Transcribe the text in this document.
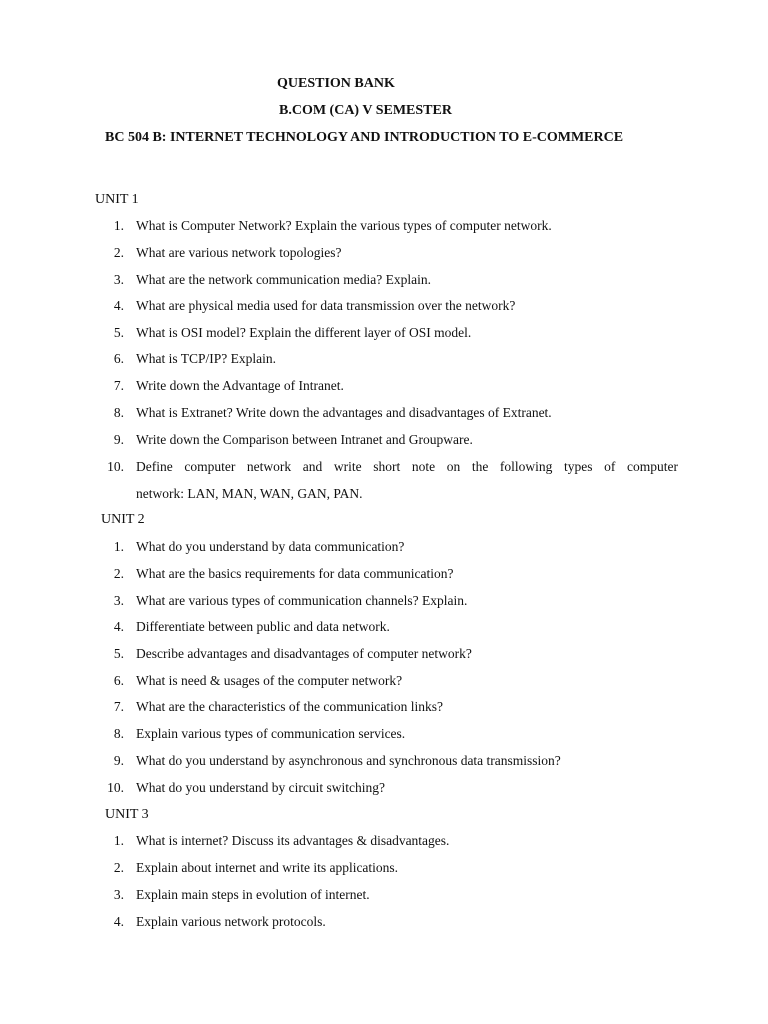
QUESTION BANK
B.COM (CA) V SEMESTER
BC 504 B: INTERNET TECHNOLOGY AND INTRODUCTION TO E-COMMERCE
UNIT 1
1. What is Computer Network? Explain the various types of computer network.
2. What are various network topologies?
3. What are the network communication media? Explain.
4. What are physical media used for data transmission over the network?
5. What is OSI model? Explain the different layer of OSI model.
6. What is TCP/IP? Explain.
7. Write down the Advantage of Intranet.
8. What is Extranet? Write down the advantages and disadvantages of Extranet.
9. Write down the Comparison between Intranet and Groupware.
10. Define computer network and write short note on the following types of computer
network: LAN, MAN, WAN, GAN, PAN.
UNIT 2
1. What do you understand by data communication?
2. What are the basics requirements for data communication?
3. What are various types of communication channels? Explain.
4. Differentiate between public and data network.
5. Describe advantages and disadvantages of computer network?
6. What is need & usages of the computer network?
7. What are the characteristics of the communication links?
8. Explain various types of communication services.
9. What do you understand by asynchronous and synchronous data transmission?
10. What do you understand by circuit switching?
UNIT 3
1. What is internet? Discuss its advantages & disadvantages.
2. Explain about internet and write its applications.
3. Explain main steps in evolution of internet.
4. Explain various network protocols.
